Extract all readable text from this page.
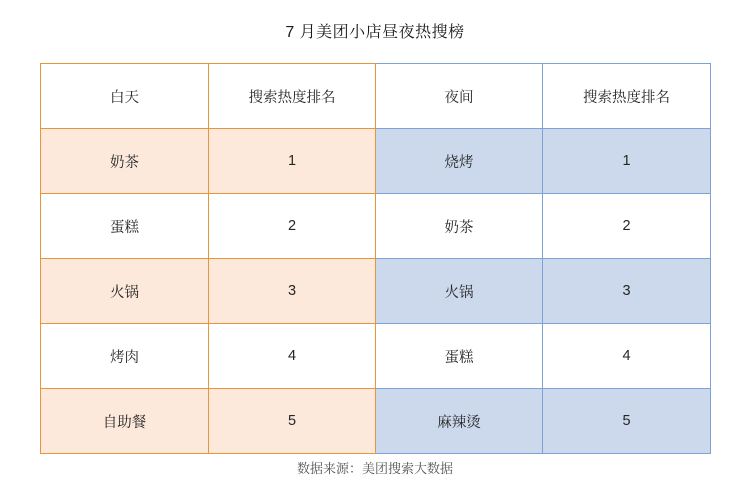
7 月美团小店昼夜热搜榜
白天	搜索热度排名	夜间	搜索热度排名
奶茶	1	烧烤	1
蛋糕	2	奶茶	2
火锅	3	火锅	3
烤肉	4	蛋糕	4
自助餐	5	麻辣烫	5
数据来源：美团搜索大数据
